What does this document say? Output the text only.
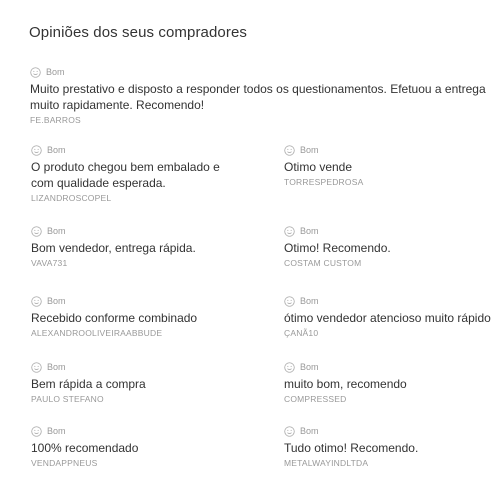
Opiniões dos seus compradores
Bom

Muito prestativo e disposto a responder todos os questionamentos. Efetuou a entrega muito rapidamente. Recomendo!

FE.BARROS
Bom

O produto chegou bem embalado e com qualidade esperada.

LIZANDROSCOPEL
Bom

Bom vendedor, entrega rápida.

VAVA731
Bom

Recebido conforme combinado

ALEXANDROOLIVEIRAABBUDE
Bom

Bem rápida a compra

PAULO STEFANO
Bom

100% recomendado

VENDAPPNEUS
Bom

Otimo vende

TORRESPEDROSA
Bom

Otimo! Recomendo.

COSTAM CUSTOM
Bom

ótimo vendedor atencioso muito rápido

ÇANÃ10
Bom

muito bom, recomendo

COMPRESSED
Bom

Tudo otimo! Recomendo.

METALWAYINDLTDA
